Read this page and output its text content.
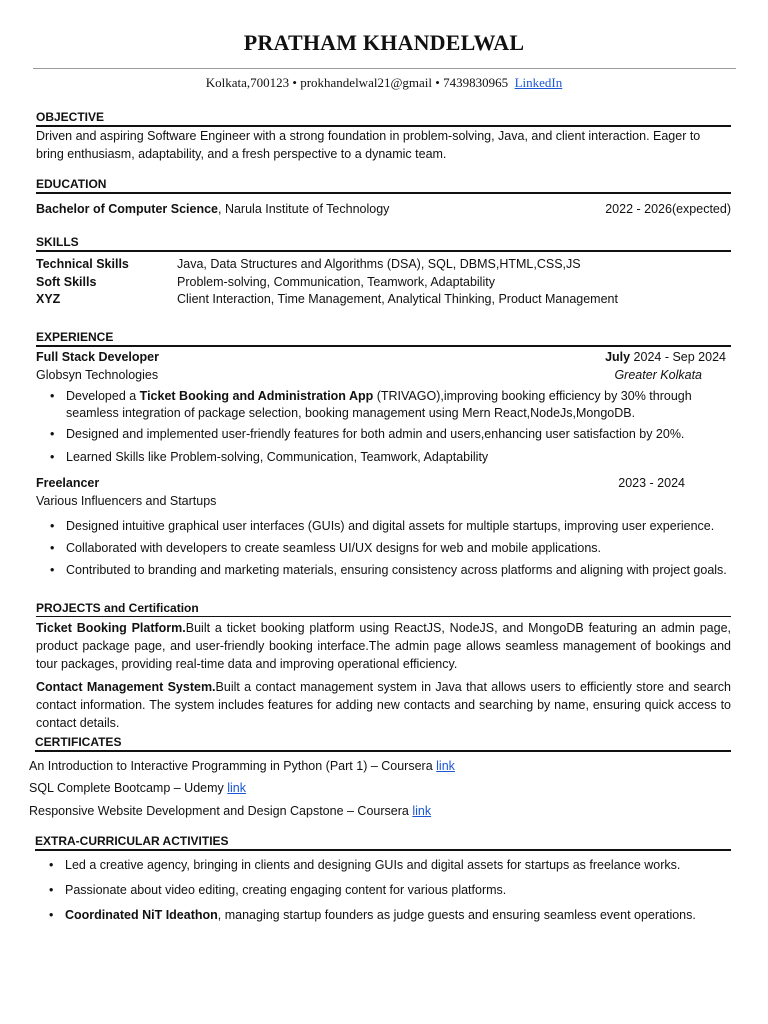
PRATHAM KHANDELWAL
Kolkata,700123 • prokhandelwal21@gmail • 7439830965 LinkedIn
OBJECTIVE
Driven and aspiring Software Engineer with a strong foundation in problem-solving, Java, and client interaction. Eager to bring enthusiasm, adaptability, and a fresh perspective to a dynamic team.
EDUCATION
Bachelor of Computer Science, Narula Institute of Technology	2022 - 2026(expected)
SKILLS
Technical Skills	Java, Data Structures and Algorithms (DSA), SQL, DBMS,HTML,CSS,JS
Soft Skills	Problem-solving, Communication, Teamwork, Adaptability
XYZ	Client Interaction, Time Management, Analytical Thinking, Product Management
EXPERIENCE
Full Stack Developer	July 2024 - Sep 2024
Globsyn Technologies	Greater Kolkata
• Developed a Ticket Booking and Administration App (TRIVAGO),improving booking efficiency by 30% through seamless integration of package selection, booking management using Mern React,NodeJs,MongoDB.
• Designed and implemented user-friendly features for both admin and users,enhancing user satisfaction by 20%.
• Learned Skills like Problem-solving, Communication, Teamwork, Adaptability
Freelancer	2023 - 2024
Various Influencers and Startups
• Designed intuitive graphical user interfaces (GUIs) and digital assets for multiple startups, improving user experience.
• Collaborated with developers to create seamless UI/UX designs for web and mobile applications.
• Contributed to branding and marketing materials, ensuring consistency across platforms and aligning with project goals.
PROJECTS and Certification
Ticket Booking Platform.Built a ticket booking platform using ReactJS, NodeJS, and MongoDB featuring an admin page, product package page, and user-friendly booking interface.The admin page allows seamless management of bookings and tour packages, providing real-time data and improving operational efficiency.
Contact Management System.Built a contact management system in Java that allows users to efficiently store and search contact information. The system includes features for adding new contacts and searching by name, ensuring quick access to contact details.
CERTIFICATES
An Introduction to Interactive Programming in Python (Part 1) – Coursera link
SQL Complete Bootcamp – Udemy link
Responsive Website Development and Design Capstone – Coursera link
EXTRA-CURRICULAR ACTIVITIES
• Led a creative agency, bringing in clients and designing GUIs and digital assets for startups as freelance works.
• Passionate about video editing, creating engaging content for various platforms.
• Coordinated NiT Ideathon, managing startup founders as judge guests and ensuring seamless event operations.
